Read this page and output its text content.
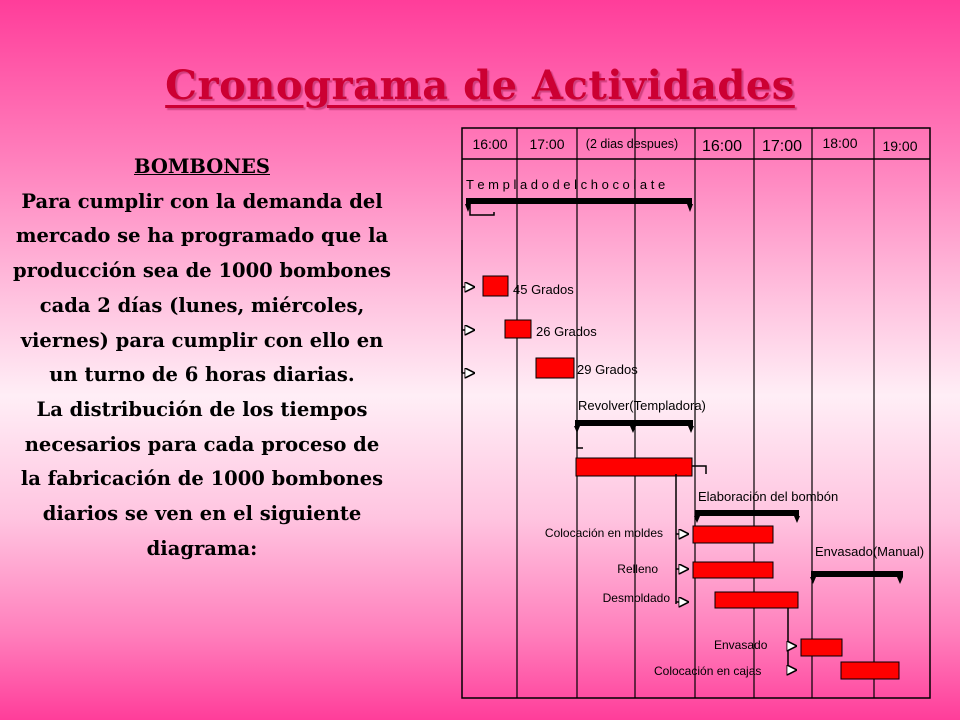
Cronograma de Actividades
BOMBONES

Para cumplir con la demanda del mercado se ha programado que la producción sea de 1000 bombones cada 2 días (lunes, miércoles, viernes) para cumplir con ello en un turno de 6 horas diarias.

La distribución de los tiempos necesarios para cada proceso de la fabricación de 1000 bombones diarios se ven en el siguiente diagrama:

16:00 17:00 (2 dias despues) 16:00 17:00 18:00 19:00
T e m p l a d o d e l c h o c o l a t e
45 Grados
26 Grados
29 Grados
Revolver(Templadora)
Elaboración del bombón
Colocación en moldes
Relleno
Desmoldado
Envasado(Manual)
Envasado
Colocación en cajas
